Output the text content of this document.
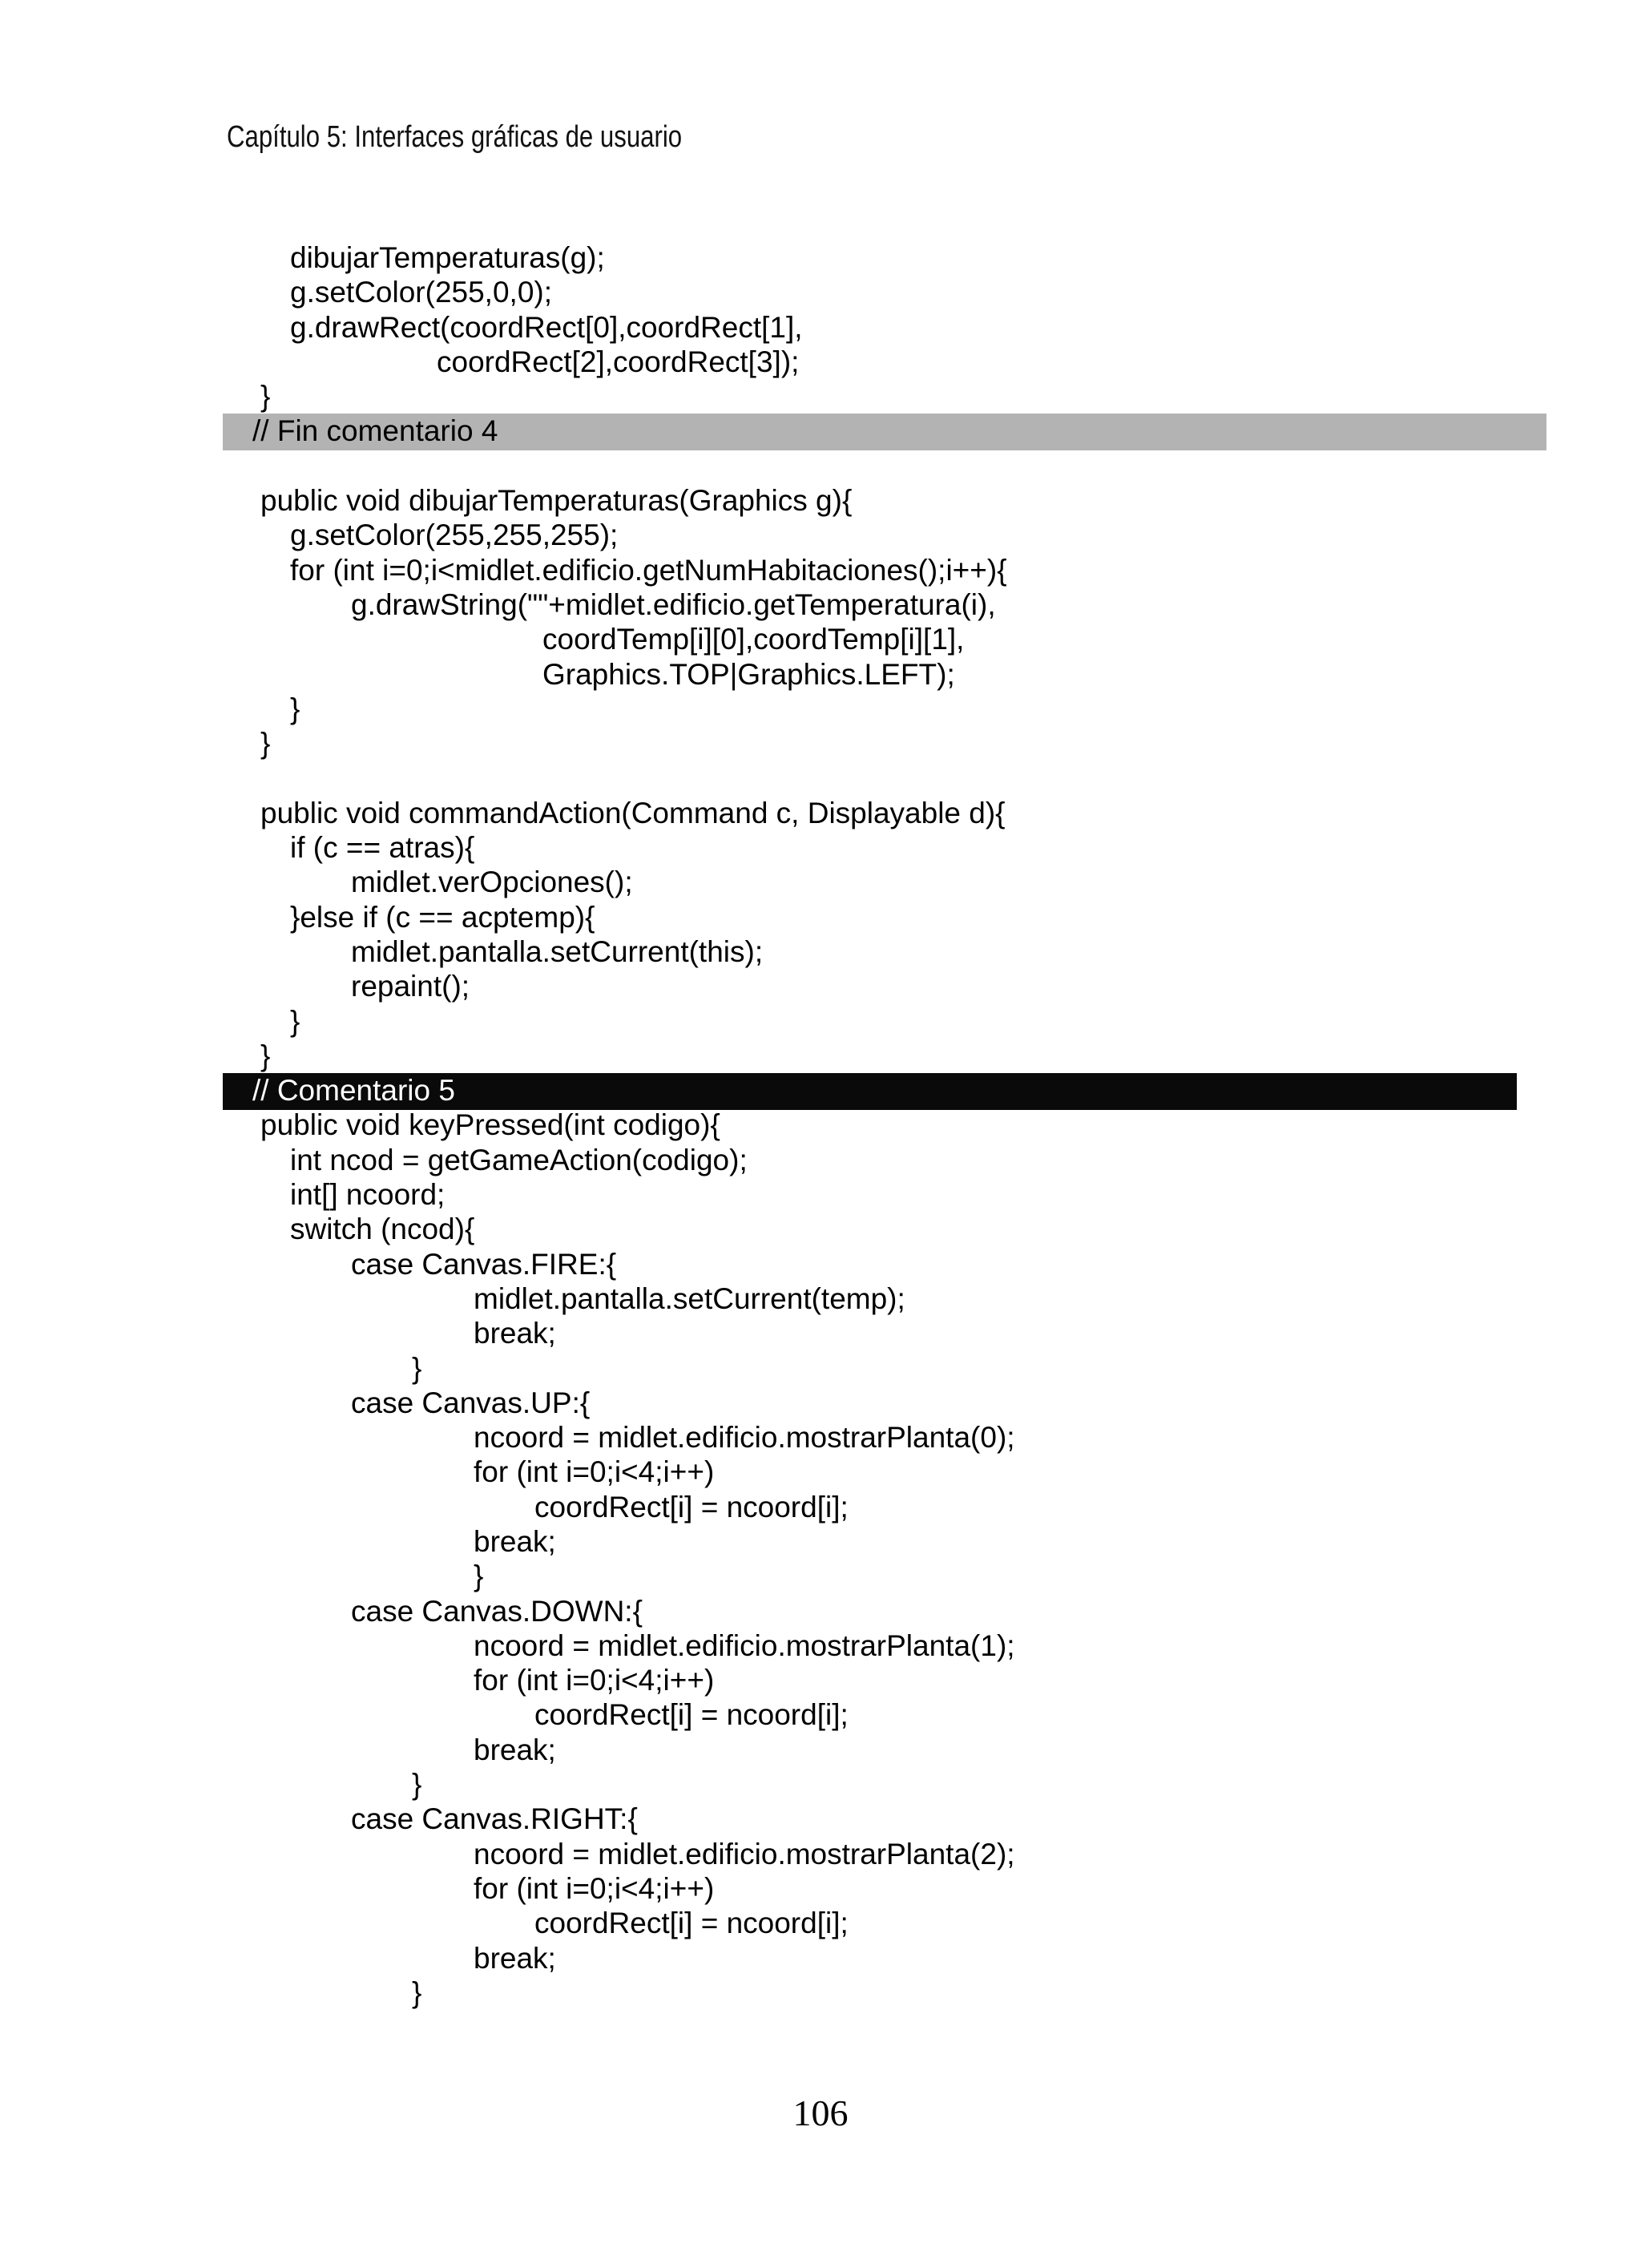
Capítulo 5: Interfaces gráficas de usuario
dibujarTemperaturas(g);
g.setColor(255,0,0);
g.drawRect(coordRect[0],coordRect[1],
coordRect[2],coordRect[3]);
}
// Fin comentario 4
public void dibujarTemperaturas(Graphics g){
g.setColor(255,255,255);
for (int i=0;i<midlet.edificio.getNumHabitaciones();i++){
g.drawString(""+midlet.edificio.getTemperatura(i),
coordTemp[i][0],coordTemp[i][1],
Graphics.TOP|Graphics.LEFT);
}
}
public void commandAction(Command c, Displayable d){
if (c == atras){
midlet.verOpciones();
}else if (c == acptemp){
midlet.pantalla.setCurrent(this);
repaint();
}
}
// Comentario 5
public void keyPressed(int codigo){
int ncod = getGameAction(codigo);
int[] ncoord;
switch (ncod){
case Canvas.FIRE:{
midlet.pantalla.setCurrent(temp);
break;
}
case Canvas.UP:{
ncoord = midlet.edificio.mostrarPlanta(0);
for (int i=0;i<4;i++)
coordRect[i] = ncoord[i];
break;
}
case Canvas.DOWN:{
ncoord = midlet.edificio.mostrarPlanta(1);
for (int i=0;i<4;i++)
coordRect[i] = ncoord[i];
break;
}
case Canvas.RIGHT:{
ncoord = midlet.edificio.mostrarPlanta(2);
for (int i=0;i<4;i++)
coordRect[i] = ncoord[i];
break;
}
106
